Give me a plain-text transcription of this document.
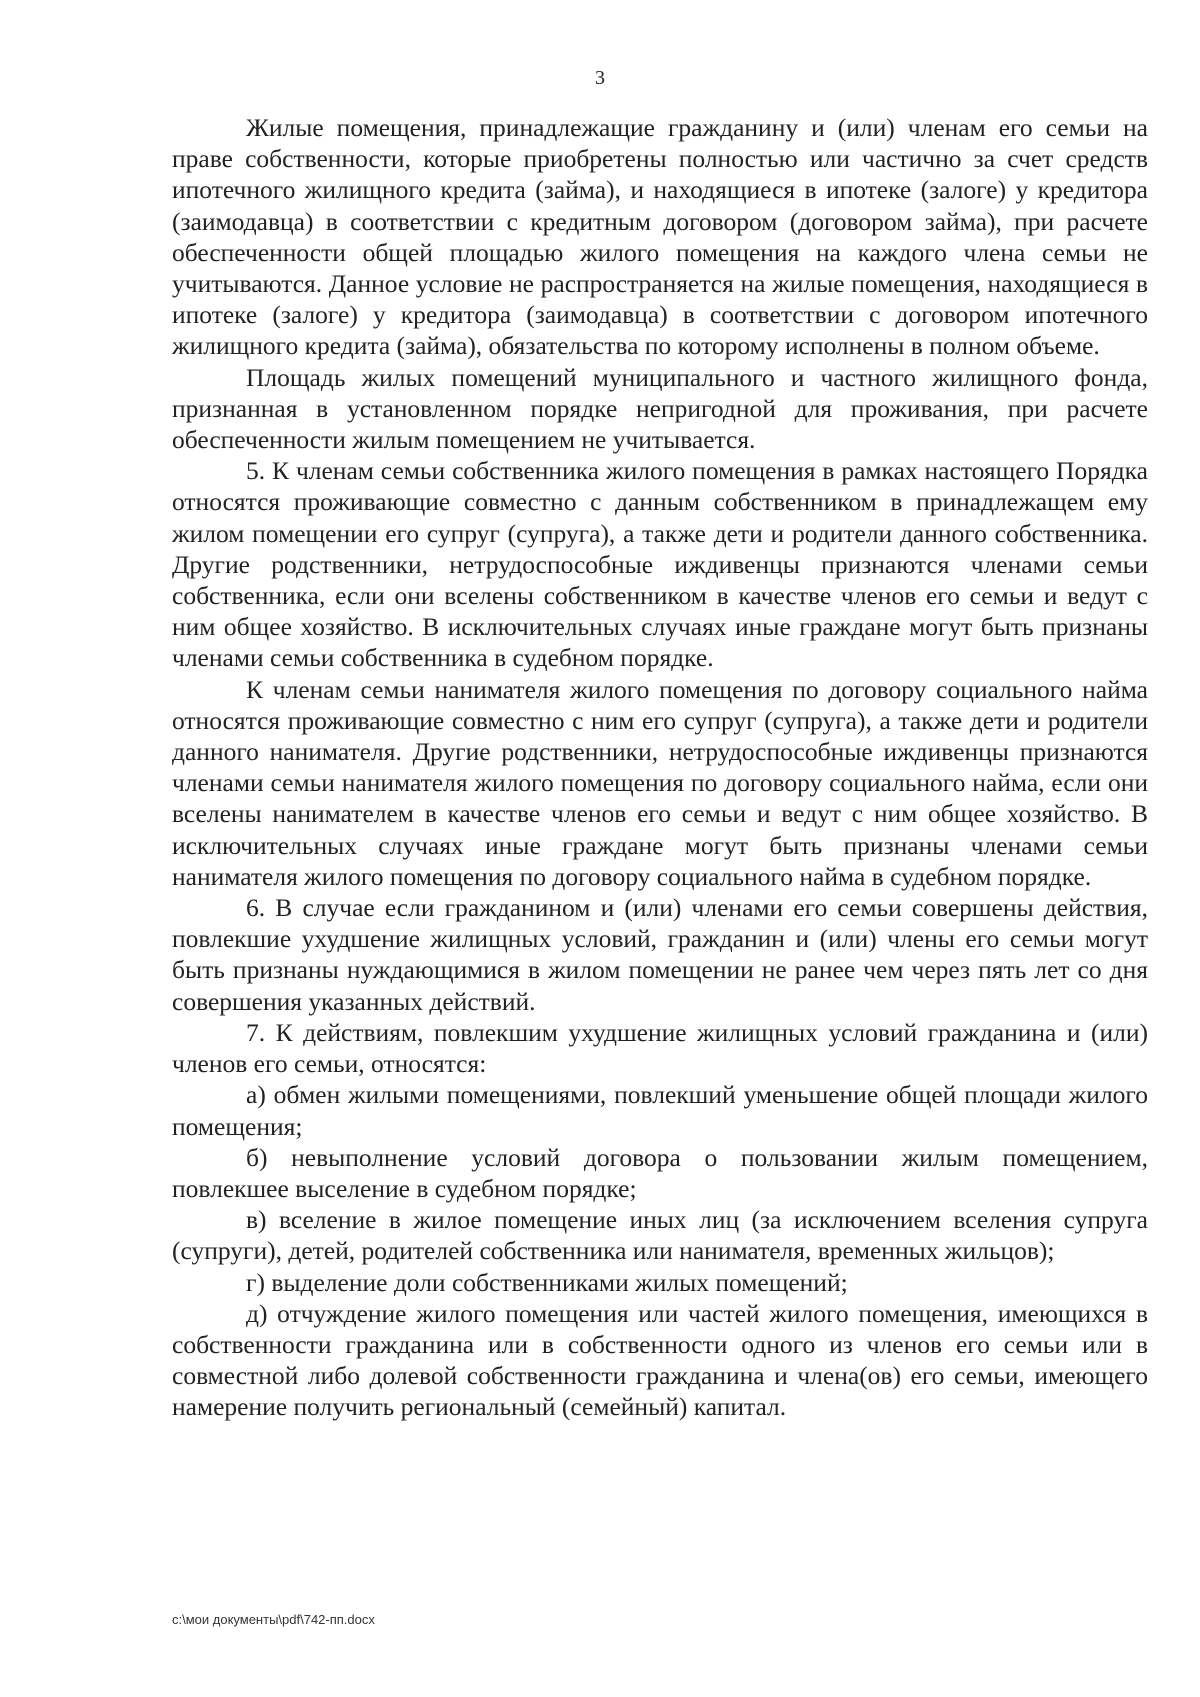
3

Жилые помещения, принадлежащие гражданину и (или) членам его семьи на праве собственности, которые приобретены полностью или частично за счет средств ипотечного жилищного кредита (займа), и находящиеся в ипотеке (залоге) у кредитора (заимодавца) в соответствии с кредитным договором (договором займа), при расчете обеспеченности общей площадью жилого помещения на каждого члена семьи не учитываются. Данное условие не распространяется на жилые помещения, находящиеся в ипотеке (залоге) у кредитора (заимодавца) в соответствии с договором ипотечного жилищного кредита (займа), обязательства по которому исполнены в полном объеме.

Площадь жилых помещений муниципального и частного жилищного фонда, признанная в установленном порядке непригодной для проживания, при расчете обеспеченности жилым помещением не учитывается.

5. К членам семьи собственника жилого помещения в рамках настоящего Порядка относятся проживающие совместно с данным собственником в принадлежащем ему жилом помещении его супруг (супруга), а также дети и родители данного собственника. Другие родственники, нетрудоспособные иждивенцы признаются членами семьи собственника, если они вселены собственником в качестве членов его семьи и ведут с ним общее хозяйство. В исключительных случаях иные граждане могут быть признаны членами семьи собственника в судебном порядке.

К членам семьи нанимателя жилого помещения по договору социального найма относятся проживающие совместно с ним его супруг (супруга), а также дети и родители данного нанимателя. Другие родственники, нетрудоспособные иждивенцы признаются членами семьи нанимателя жилого помещения по договору социального найма, если они вселены нанимателем в качестве членов его семьи и ведут с ним общее хозяйство. В исключительных случаях иные граждане могут быть признаны членами семьи нанимателя жилого помещения по договору социального найма в судебном порядке.

6. В случае если гражданином и (или) членами его семьи совершены действия, повлекшие ухудшение жилищных условий, гражданин и (или) члены его семьи могут быть признаны нуждающимися в жилом помещении не ранее чем через пять лет со дня совершения указанных действий.

7. К действиям, повлекшим ухудшение жилищных условий гражданина и (или) членов его семьи, относятся:

а) обмен жилыми помещениями, повлекший уменьшение общей площади жилого помещения;

б) невыполнение условий договора о пользовании жилым помещением, повлекшее выселение в судебном порядке;

в) вселение в жилое помещение иных лиц (за исключением вселения супруга (супруги), детей, родителей собственника или нанимателя, временных жильцов);

г) выделение доли собственниками жилых помещений;

д) отчуждение жилого помещения или частей жилого помещения, имеющихся в собственности гражданина или в собственности одного из членов его семьи или в совместной либо долевой собственности гражданина и члена(ов) его семьи, имеющего намерение получить региональный (семейный) капитал.

c:\мои документы\pdf\742-пп.docx
